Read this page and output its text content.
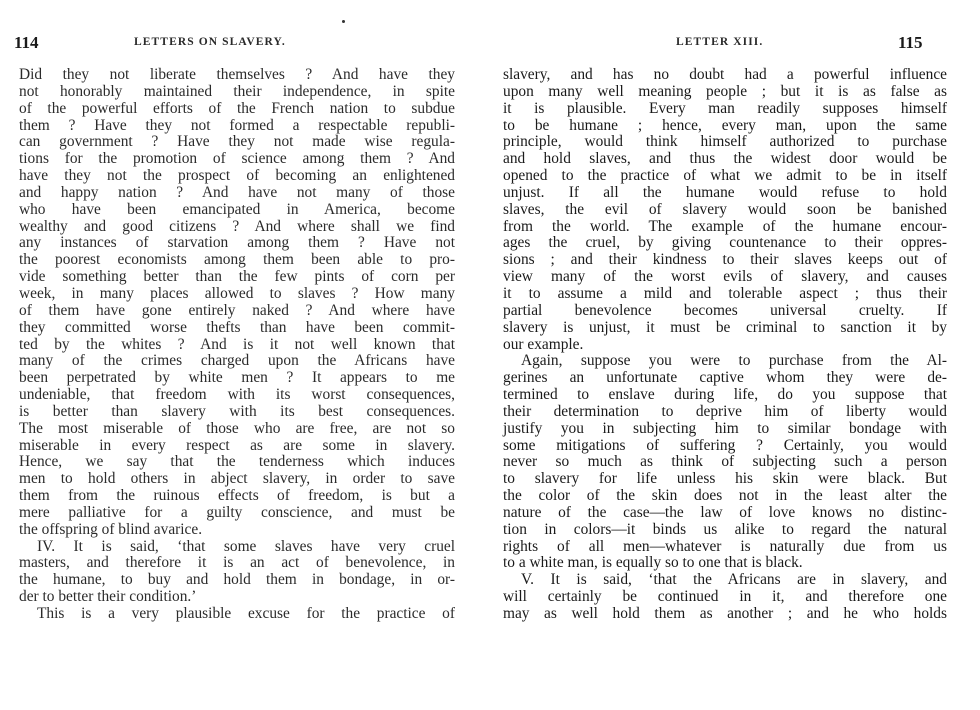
114	LETTERS ON SLAVERY.
Did they not liberate themselves ? And have they
not honorably maintained their independence, in spite
of the powerful efforts of the French nation to subdue
them ? Have they not formed a respectable republi-
can government ? Have they not made wise regula-
tions for the promotion of science among them ? And
have they not the prospect of becoming an enlightened
and happy nation ? And have not many of those
who have been emancipated in America, become
wealthy and good citizens ? And where shall we find
any instances of starvation among them ? Have not
the poorest economists among them been able to pro-
vide something better than the few pints of corn per
week, in many places allowed to slaves ? How many
of them have gone entirely naked ? And where have
they committed worse thefts than have been commit-
ted by the whites ? And is it not well known that
many of the crimes charged upon the Africans have
been perpetrated by white men ? It appears to me
undeniable, that freedom with its worst consequences,
is better than slavery with its best consequences.
The most miserable of those who are free, are not so
miserable in every respect as are some in slavery.
Hence, we say that the tenderness which induces
men to hold others in abject slavery, in order to save
them from the ruinous effects of freedom, is but a
mere palliative for a guilty conscience, and must be
the offspring of blind avarice.
IV. It is said, ‘that some slaves have very cruel
masters, and therefore it is an act of benevolence, in
the humane, to buy and hold them in bondage, in or-
der to better their condition.’
This is a very plausible excuse for the practice of
LETTER XIII.	115
slavery, and has no doubt had a powerful influence
upon many well meaning people ; but it is as false as
it is plausible. Every man readily supposes himself
to be humane ; hence, every man, upon the same
principle, would think himself authorized to purchase
and hold slaves, and thus the widest door would be
opened to the practice of what we admit to be in itself
unjust. If all the humane would refuse to hold
slaves, the evil of slavery would soon be banished
from the world. The example of the humane encour-
ages the cruel, by giving countenance to their oppres-
sions ; and their kindness to their slaves keeps out of
view many of the worst evils of slavery, and causes
it to assume a mild and tolerable aspect ; thus their
partial benevolence becomes universal cruelty. If
slavery is unjust, it must be criminal to sanction it by
our example.
Again, suppose you were to purchase from the Al-
gerines an unfortunate captive whom they were de-
termined to enslave during life, do you suppose that
their determination to deprive him of liberty would
justify you in subjecting him to similar bondage with
some mitigations of suffering ? Certainly, you would
never so much as think of subjecting such a person
to slavery for life unless his skin were black. But
the color of the skin does not in the least alter the
nature of the case—the law of love knows no distinc-
tion in colors—it binds us alike to regard the natural
rights of all men—whatever is naturally due from us
to a white man, is equally so to one that is black.
V. It is said, ‘that the Africans are in slavery, and
will certainly be continued in it, and therefore one
may as well hold them as another ; and he who holds
